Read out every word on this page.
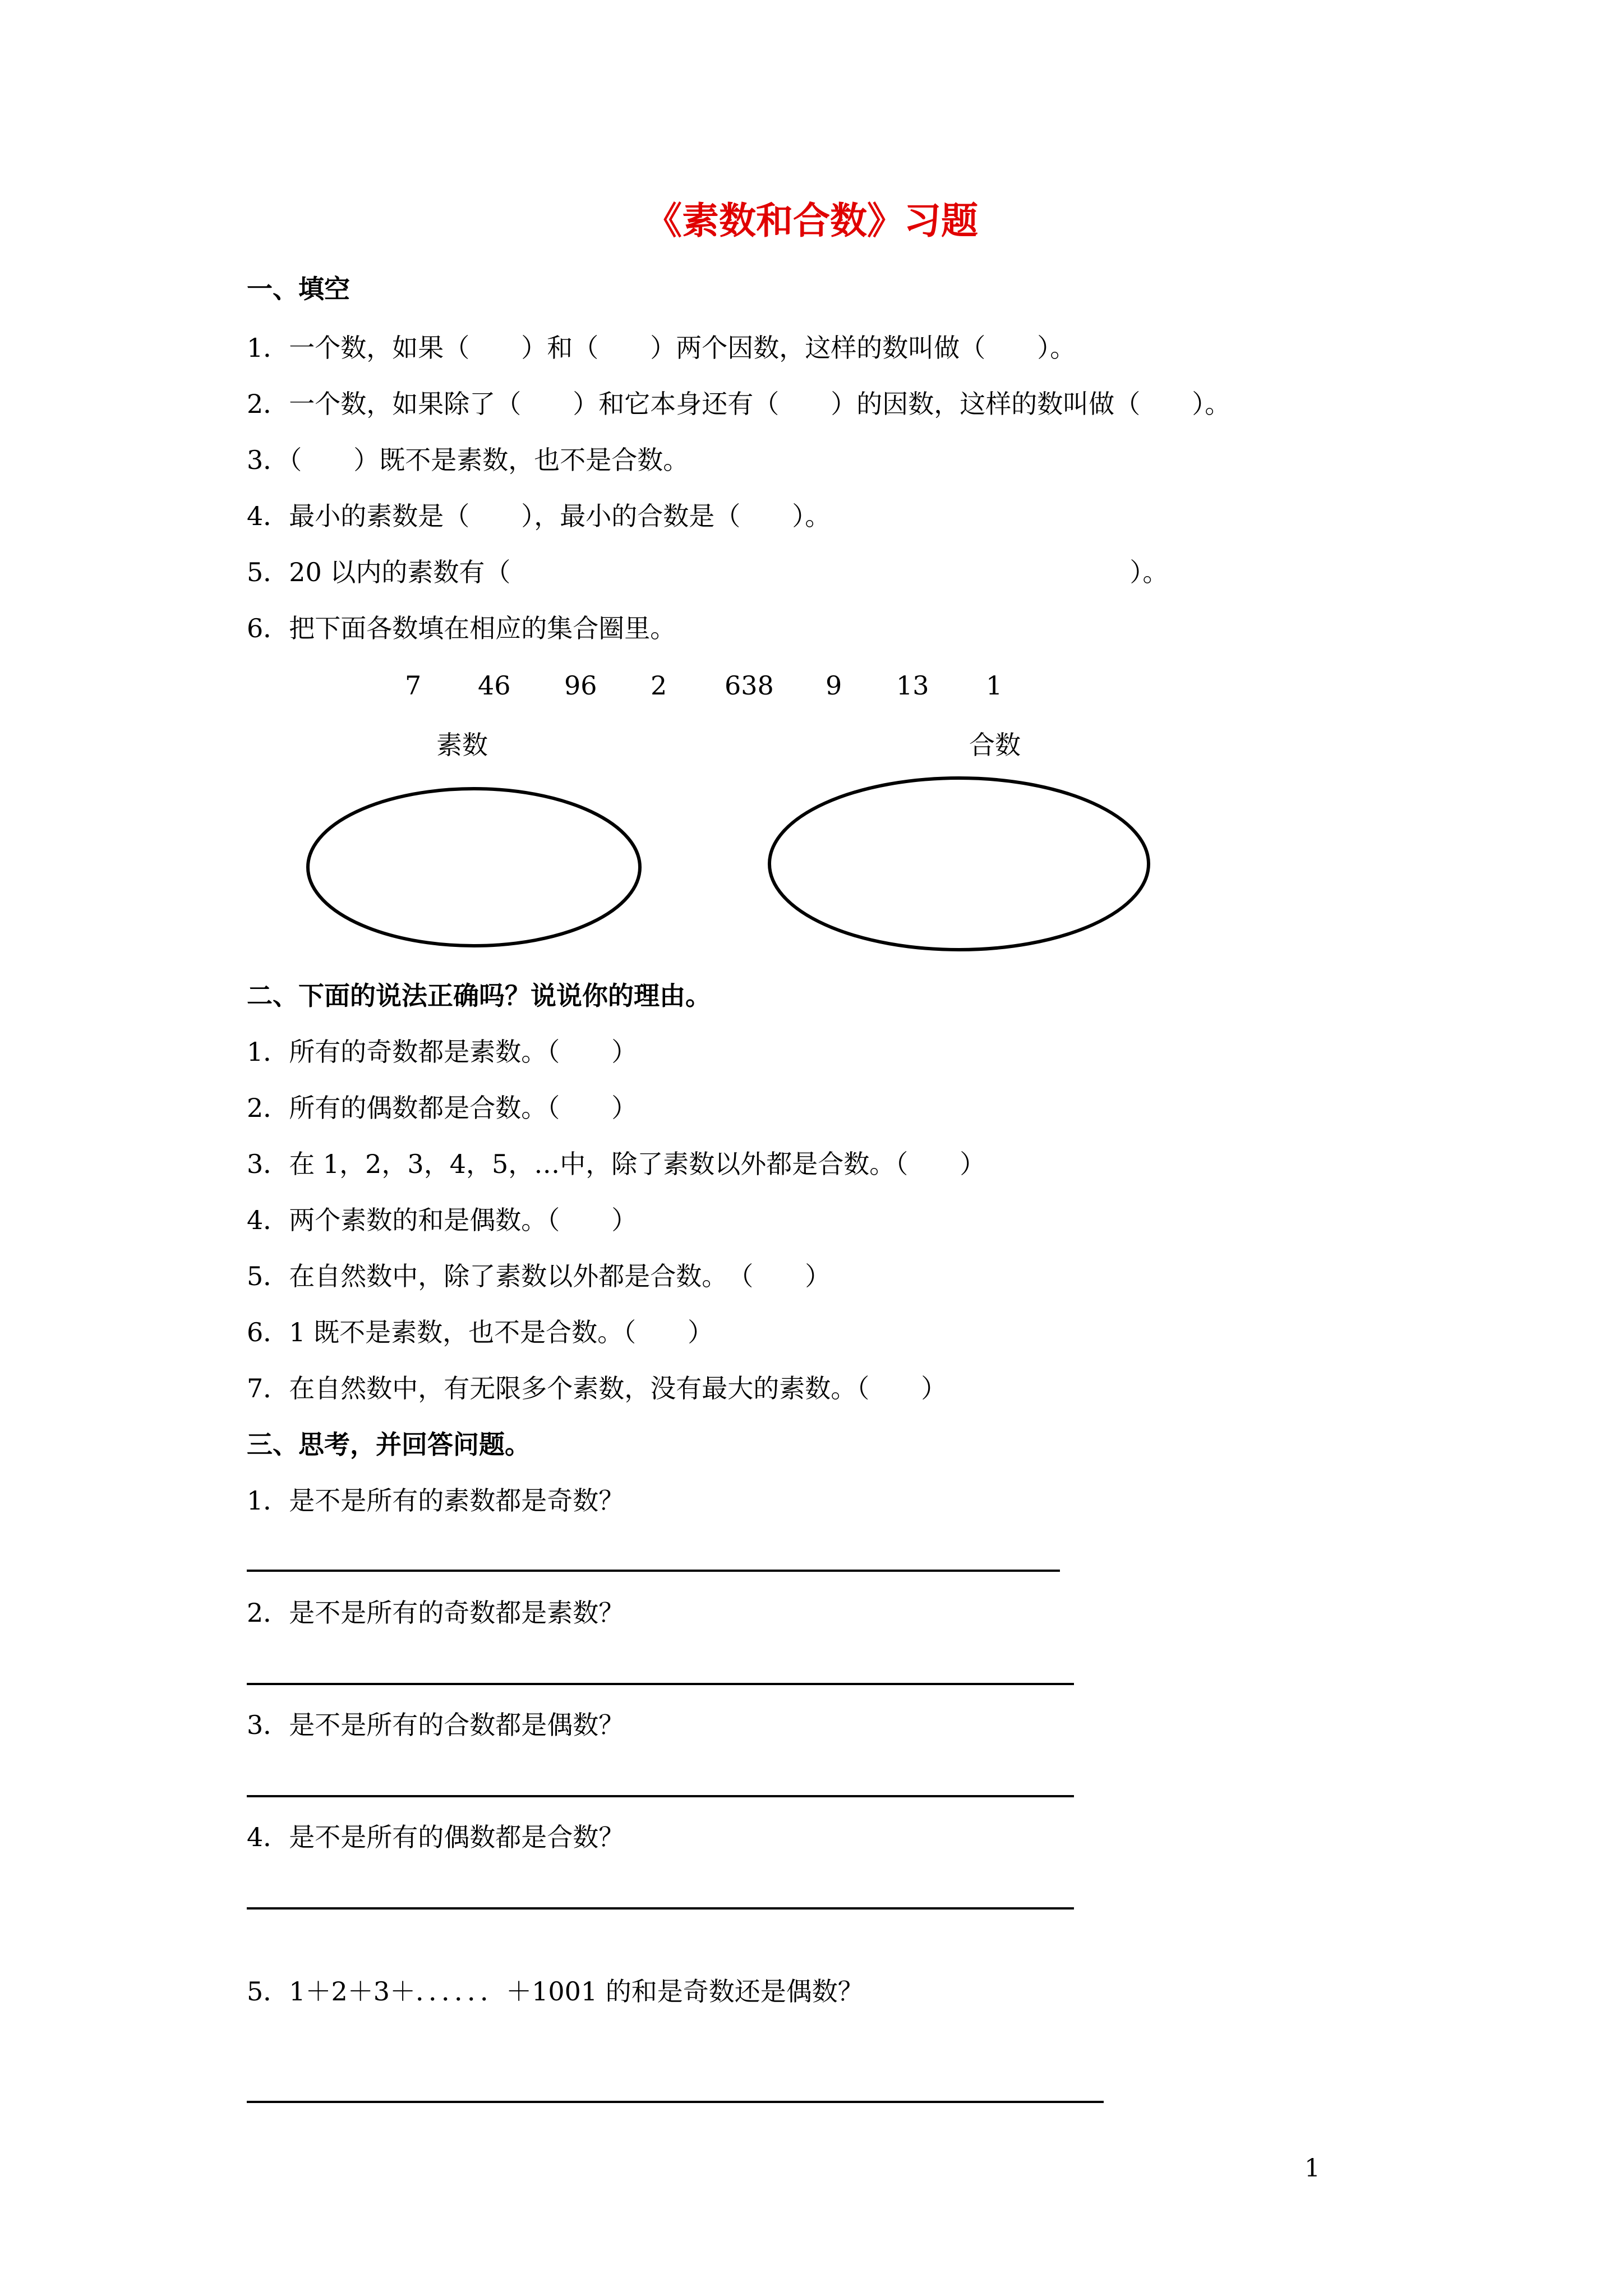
《素数和合数》习题
一、填空
1．一个数，如果（　　）和（　　）两个因数，这样的数叫做（　　）。
2．一个数，如果除了（　　）和它本身还有（　　）的因数，这样的数叫做（　　）。
3．（　　）既不是素数，也不是合数。
4．最小的素数是（　　），最小的合数是（　　）。
5．20 以内的素数有（　　　　　　　　　　　　　　　　　　　　　　　　）。
6．把下面各数填在相应的集合圈里。
7 46 96 2 638 9 13 1
素数	合数
二、下面的说法正确吗？说说你的理由。
1．所有的奇数都是素数。（　　）
2．所有的偶数都是合数。（　　）
3．在 1，2，3，4，5，…中，除了素数以外都是合数。（　　）
4．两个素数的和是偶数。（　　）
5．在自然数中，除了素数以外都是合数。　（　　）
6．1 既不是素数，也不是合数。（　　）
7．在自然数中，有无限多个素数，没有最大的素数。（　　）
三、思考，并回答问题。
1．是不是所有的素数都是奇数？
2．是不是所有的奇数都是素数？
3．是不是所有的合数都是偶数？
4．是不是所有的偶数都是合数？
5．1＋2＋3＋．．．．．．＋1001 的和是奇数还是偶数？
1
